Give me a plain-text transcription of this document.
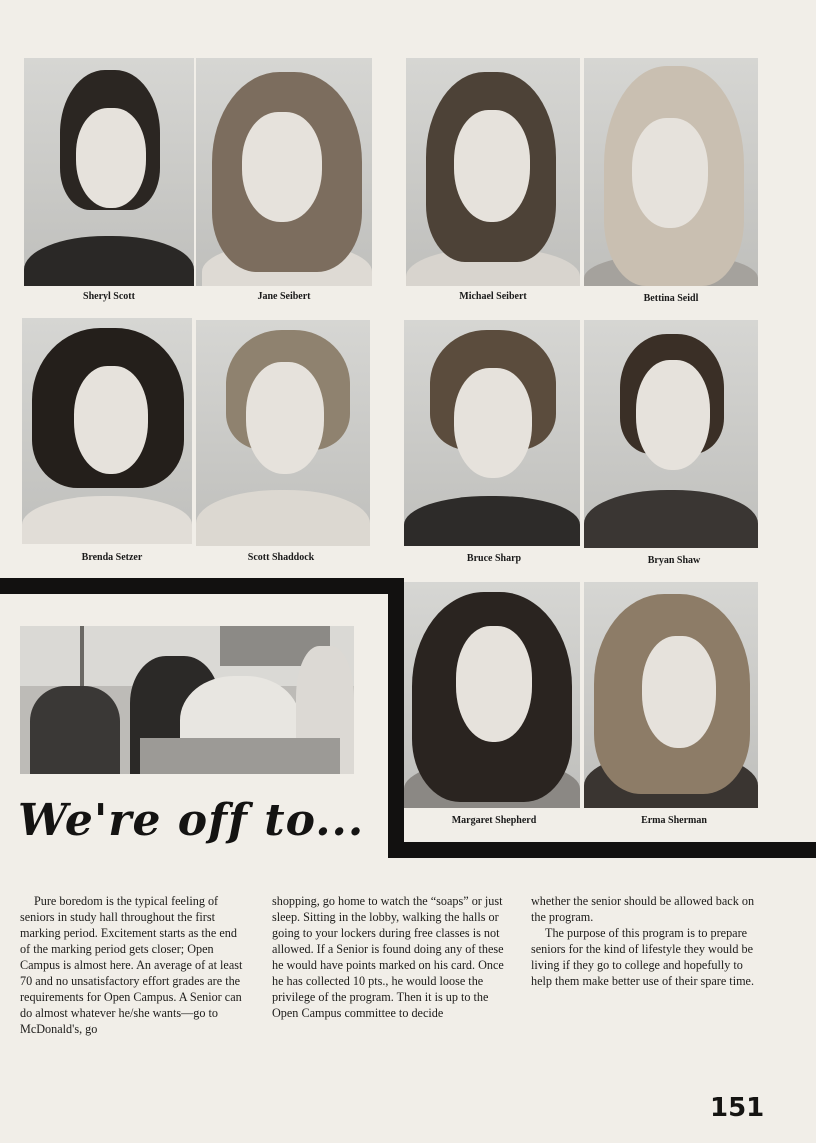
Sheryl Scott	Jane Seibert	Michael Seibert	Bettina Seidl
Brenda Setzer	Scott Shaddock	Bruce Sharp	Bryan Shaw
Margaret Shepherd	Erma Sherman
We're off to...

Pure boredom is the typical feeling of seniors in study hall throughout the first marking period. Excitement starts as the end of the marking period gets closer; Open Campus is almost here. An average of at least 70 and no unsatisfactory effort grades are the requirements for Open Campus. A Senior can do almost whatever he/she wants—go to McDonald's, go

shopping, go home to watch the “soaps” or just sleep. Sitting in the lobby, walking the halls or going to your lockers during free classes is not allowed. If a Senior is found doing any of these he would have points marked on his card. Once he has collected 10 pts., he would loose the privilege of the program. Then it is up to the Open Campus committee to decide

whether the senior should be allowed back on the program.

The purpose of this program is to prepare seniors for the kind of lifestyle they would be living if they go to college and hopefully to help them make better use of their spare time.

151
